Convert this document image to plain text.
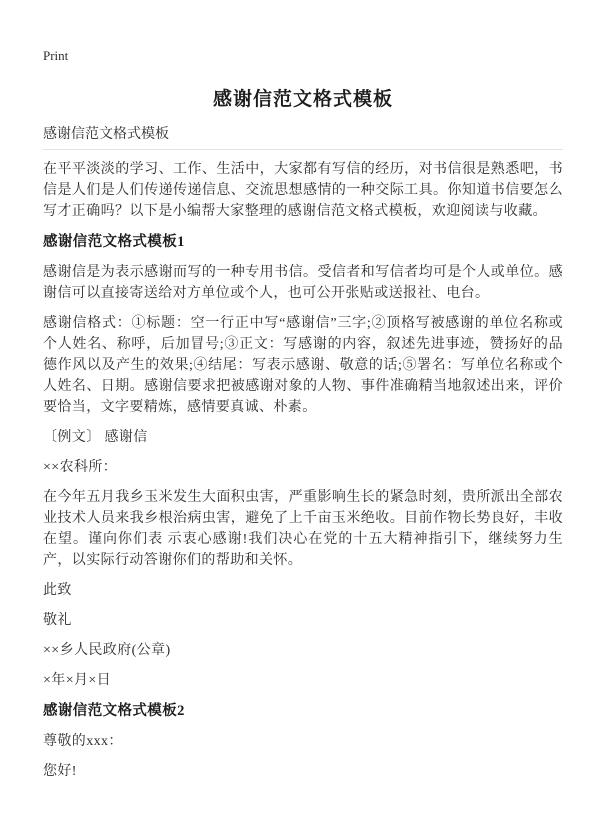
Print
感谢信范文格式模板
感谢信范文格式模板

在平平淡淡的学习、工作、生活中，大家都有写信的经历，对书信很是熟悉吧，书信是人们是人们传递传递信息、交流思想感情的一种交际工具。你知道书信要怎么写才正确吗？以下是小编帮大家整理的感谢信范文格式模板，欢迎阅读与收藏。

感谢信范文格式模板1

感谢信是为表示感谢而写的一种专用书信。受信者和写信者均可是个人或单位。感谢信可以直接寄送给对方单位或个人，也可公开张贴或送报社、电台。

感谢信格式：①标题：空一行正中写“感谢信”三字;②顶格写被感谢的单位名称或个人姓名、称呼，后加冒号;③正文：写感谢的内容，叙述先进事迹，赞扬好的品德作风以及产生的效果;④结尾：写表示感谢、敬意的话;⑤署名：写单位名称或个人姓名、日期。感谢信要求把被感谢对象的人物、事件准确精当地叙述出来，评价要恰当，文字要精炼，感情要真诚、朴素。

〔例文〕 感谢信

××农科所：

在今年五月我乡玉米发生大面积虫害，严重影响生长的紧急时刻，贵所派出全部农业技术人员来我乡根治病虫害，避免了上千亩玉米绝收。目前作物长势良好，丰收在望。谨向你们表 示衷心感谢!我们决心在党的十五大精神指引下，继续努力生产，以实际行动答谢你们的帮助和关怀。

此致

敬礼

××乡人民政府(公章)

×年×月×日

感谢信范文格式模板2

尊敬的xxx：

您好!
